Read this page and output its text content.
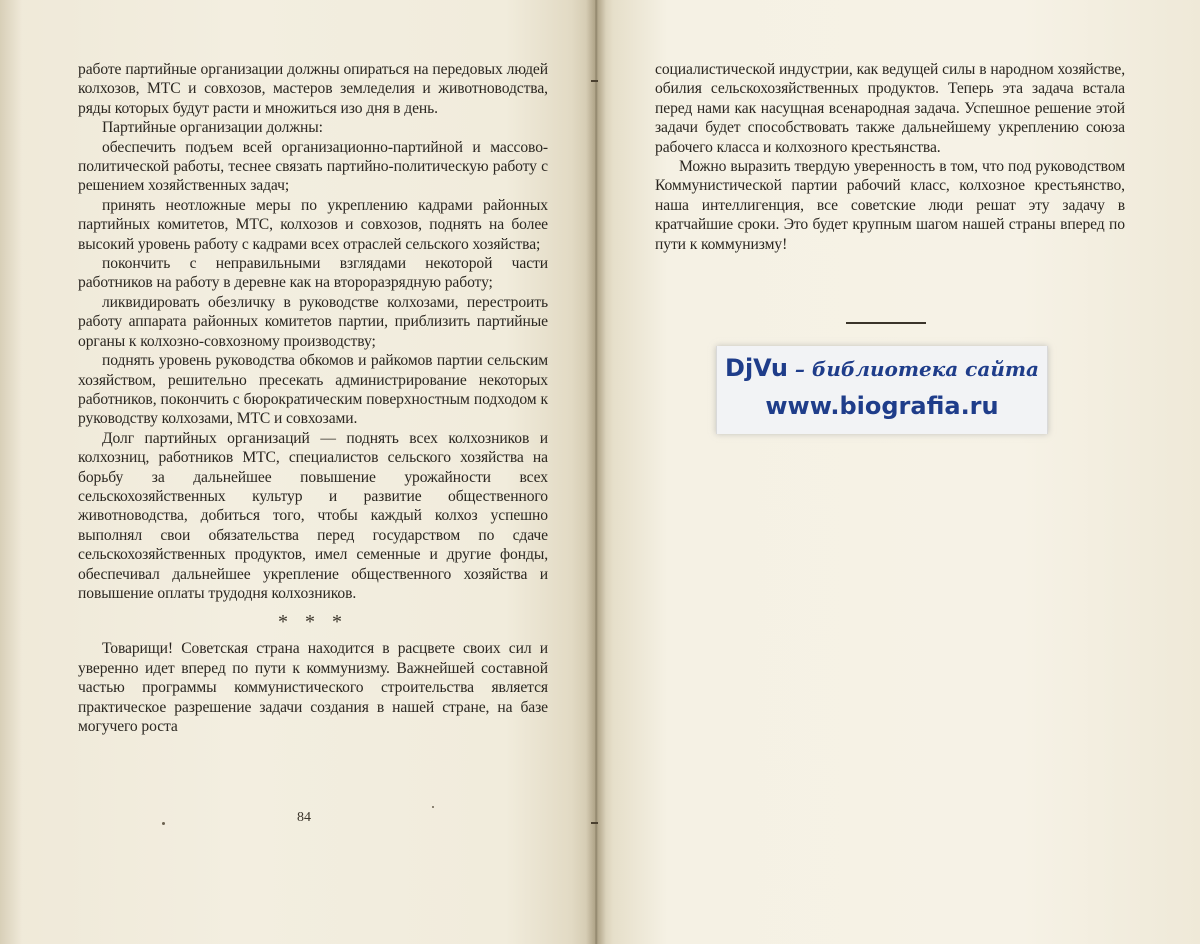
работе партийные организации должны опираться на передовых людей колхозов, МТС и совхозов, мастеров земледелия и животноводства, ряды которых будут расти и множиться изо дня в день.

Партийные организации должны:

обеспечить подъем всей организационно-партийной и массово-политической работы, теснее связать партийно-политическую работу с решением хозяйственных задач;

принять неотложные меры по укреплению кадрами районных партийных комитетов, МТС, колхозов и совхозов, поднять на более высокий уровень работу с кадрами всех отраслей сельского хозяйства;

покончить с неправильными взглядами некоторой части работников на работу в деревне как на второразрядную работу;

ликвидировать обезличку в руководстве колхозами, перестроить работу аппарата районных комитетов партии, приблизить партийные органы к колхозно-совхозному производству;

поднять уровень руководства обкомов и райкомов партии сельским хозяйством, решительно пресекать администрирование некоторых работников, покончить с бюрократическим поверхностным подходом к руководству колхозами, МТС и совхозами.

Долг партийных организаций — поднять всех колхозников и колхозниц, работников МТС, специалистов сельского хозяйства на борьбу за дальнейшее повышение урожайности всех сельскохозяйственных культур и развитие общественного животноводства, добиться того, чтобы каждый колхоз успешно выполнял свои обязательства перед государством по сдаче сельскохозяйственных продуктов, имел семенные и другие фонды, обеспечивал дальнейшее укрепление общественного хозяйства и повышение оплаты трудодня колхозников.

* * *

Товарищи! Советская страна находится в расцвете своих сил и уверенно идет вперед по пути к коммунизму. Важнейшей составной частью программы коммунистического строительства является практическое разрешение задачи создания в нашей стране, на базе могучего роста

84

социалистической индустрии, как ведущей силы в народном хозяйстве, обилия сельскохозяйственных продуктов. Теперь эта задача встала перед нами как насущная всенародная задача. Успешное решение этой задачи будет способствовать также дальнейшему укреплению союза рабочего класса и колхозного крестьянства.

Можно выразить твердую уверенность в том, что под руководством Коммунистической партии рабочий класс, колхозное крестьянство, наша интеллигенция, все советские люди решат эту задачу в кратчайшие сроки. Это будет крупным шагом нашей страны вперед по пути к коммунизму!

DjVu – библиотека сайта
www.biografia.ru
